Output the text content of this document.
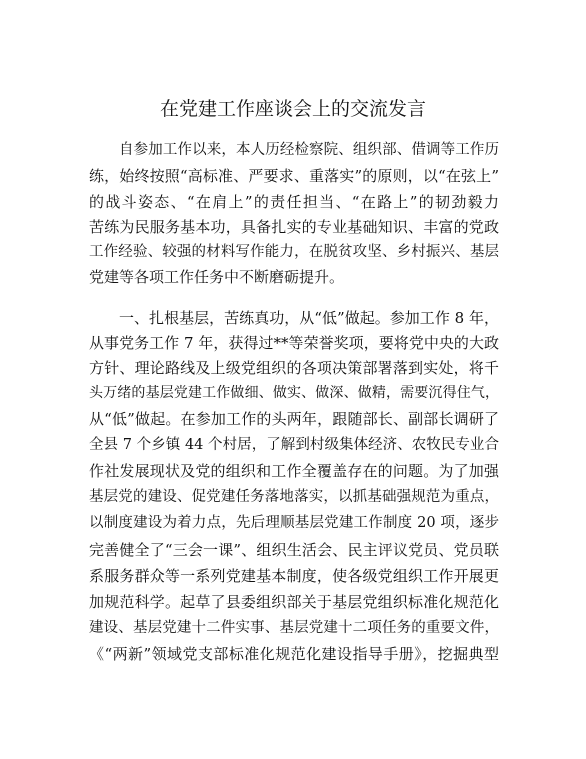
在党建工作座谈会上的交流发言
自参加工作以来，本人历经检察院、组织部、借调等工作历
练，始终按照“高标准、严要求、重落实”的原则，以“在弦上”
的战斗姿态、“在肩上”的责任担当、“在路上”的韧劲毅力
苦练为民服务基本功，具备扎实的专业基础知识、丰富的党政
工作经验、较强的材料写作能力，在脱贫攻坚、乡村振兴、基层
党建等各项工作任务中不断磨砺提升。
一、扎根基层，苦练真功，从“低”做起。参加工作 8 年，
从事党务工作 7 年，获得过**等荣誉奖项，要将党中央的大政
方针、理论路线及上级党组织的各项决策部署落到实处，将千
头万绪的基层党建工作做细、做实、做深、做精，需要沉得住气，
从“低”做起。在参加工作的头两年，跟随部长、副部长调研了
全县 7 个乡镇 44 个村居，了解到村级集体经济、农牧民专业合
作社发展现状及党的组织和工作全覆盖存在的问题。为了加强
基层党的建设、促党建任务落地落实，以抓基础强规范为重点，
以制度建设为着力点，先后理顺基层党建工作制度 20 项，逐步
完善健全了“三会一课”、组织生活会、民主评议党员、党员联
系服务群众等一系列党建基本制度，使各级党组织工作开展更
加规范科学。起草了县委组织部关于基层党组织标准化规范化
建设、基层党建十二件实事、基层党建十二项任务的重要文件，
《“两新”领域党支部标准化规范化建设指导手册》，挖掘典型
